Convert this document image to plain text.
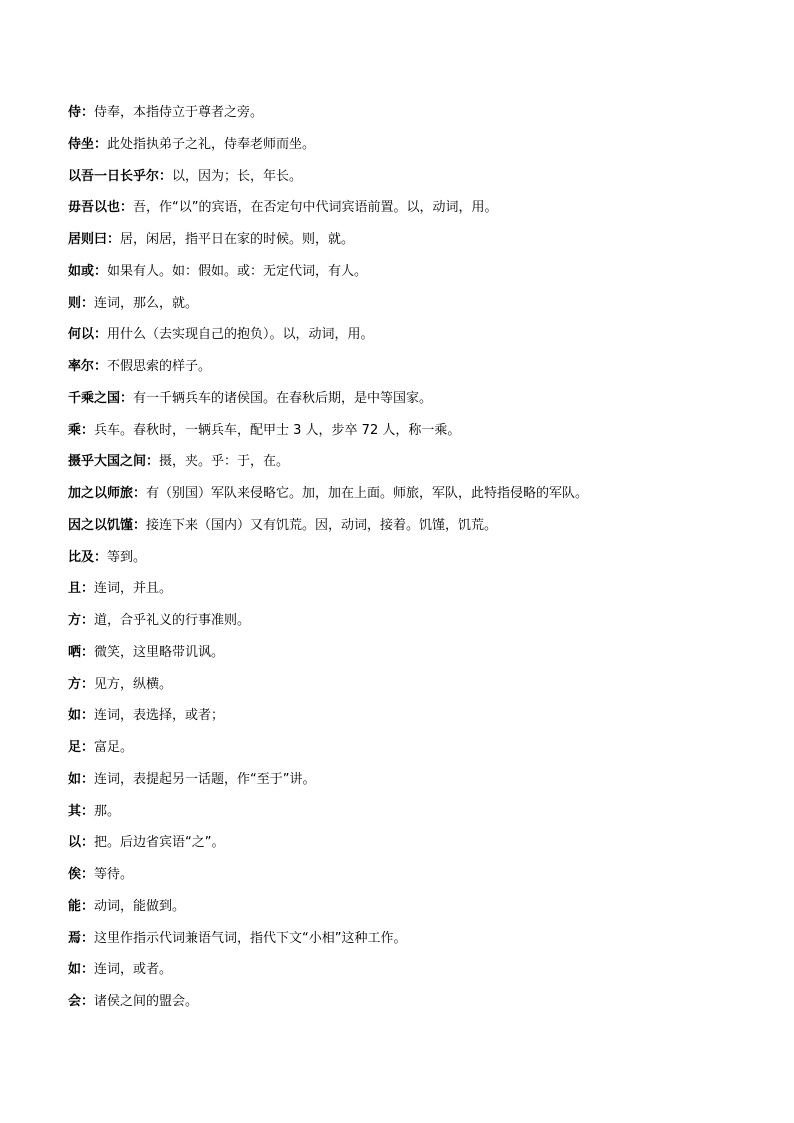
侍：侍奉，本指侍立于尊者之旁。
侍坐：此处指执弟子之礼，侍奉老师而坐。
以吾一日长乎尔：以，因为；长，年长。
毋吾以也：吾，作“以”的宾语，在否定句中代词宾语前置。以，动词，用。
居则曰：居，闲居，指平日在家的时候。则，就。
如或：如果有人。如：假如。或：无定代词，有人。
则：连词，那么，就。
何以：用什么（去实现自己的抱负）。以，动词，用。
率尔：不假思索的样子。
千乘之国：有一千辆兵车的诸侯国。在春秋后期，是中等国家。
乘：兵车。春秋时，一辆兵车，配甲士 3 人，步卒 72 人，称一乘。
摄乎大国之间：摄，夹。乎：于，在。
加之以师旅：有（别国）军队来侵略它。加，加在上面。师旅，军队，此特指侵略的军队。
因之以饥馑：接连下来（国内）又有饥荒。因，动词，接着。饥馑，饥荒。
比及：等到。
且：连词，并且。
方：道，合乎礼义的行事准则。
哂：微笑，这里略带讥讽。
方：见方，纵横。
如：连词，表选择，或者；
足：富足。
如：连词，表提起另一话题，作“至于”讲。
其：那。
以：把。后边省宾语“之”。
俟：等待。
能：动词，能做到。
焉：这里作指示代词兼语气词，指代下文“小相”这种工作。
如：连词，或者。
会：诸侯之间的盟会。
